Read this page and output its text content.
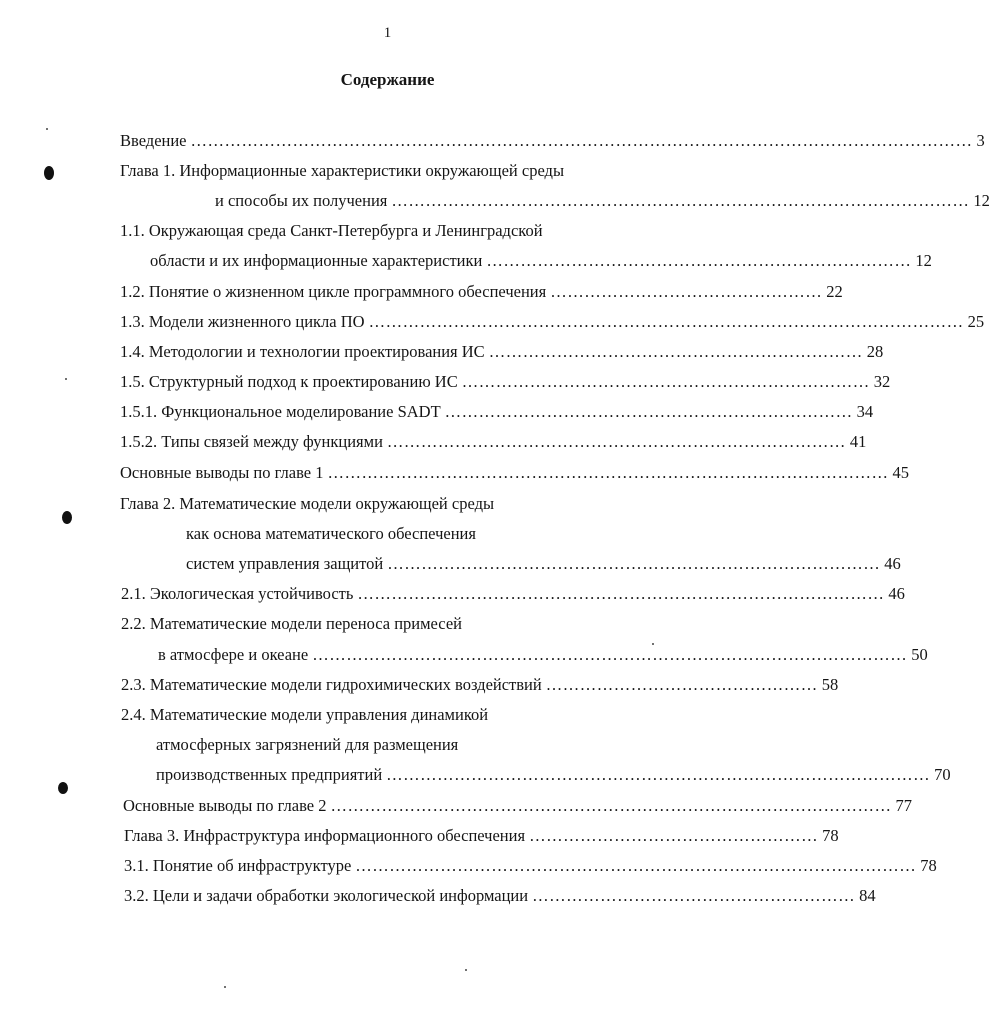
1
Содержание
Введение ………………………………………………………………………………………………………………………… 3
Глава 1. Информационные характеристики окружающей среды
и способы их получения ………………………………………………………………………………………… 12
1.1. Окружающая среда Санкт-Петербурга и Ленинградской
области и их информационные характеристики ………………………………………………………………… 12
1.2. Понятие о жизненном цикле программного обеспечения ………………………………………… 22
1.3. Модели жизненного цикла ПО …………………………………………………………………………………………… 25
1.4. Методологии и технологии проектирования ИС ………………………………………………………… 28
1.5. Структурный подход к проектированию ИС ……………………………………………………………… 32
1.5.1. Функциональное моделирование SADT ……………………………………………………………… 34
1.5.2. Типы связей между функциями ……………………………………………………………………… 41
Основные выводы по главе 1 ……………………………………………………………………………………… 45
Глава 2. Математические модели окружающей среды
как основа математического обеспечения
систем управления защитой …………………………………………………………………………… 46
2.1. Экологическая устойчивость ………………………………………………………………………………… 46
2.2. Математические модели переноса примесей
в атмосфере и океане …………………………………………………………………………………………… 50
2.3. Математические модели гидрохимических воздействий ………………………………………… 58
2.4. Математические модели управления динамикой
атмосферных загрязнений для размещения
производственных предприятий …………………………………………………………………………………… 70
Основные выводы по главе 2 ……………………………………………………………………………………… 77
Глава 3. Инфраструктура информационного обеспечения …………………………………………… 78
3.1. Понятие об инфраструктуре ……………………………………………………………………………………… 78
3.2. Цели и задачи обработки экологической информации ………………………………………………… 84
